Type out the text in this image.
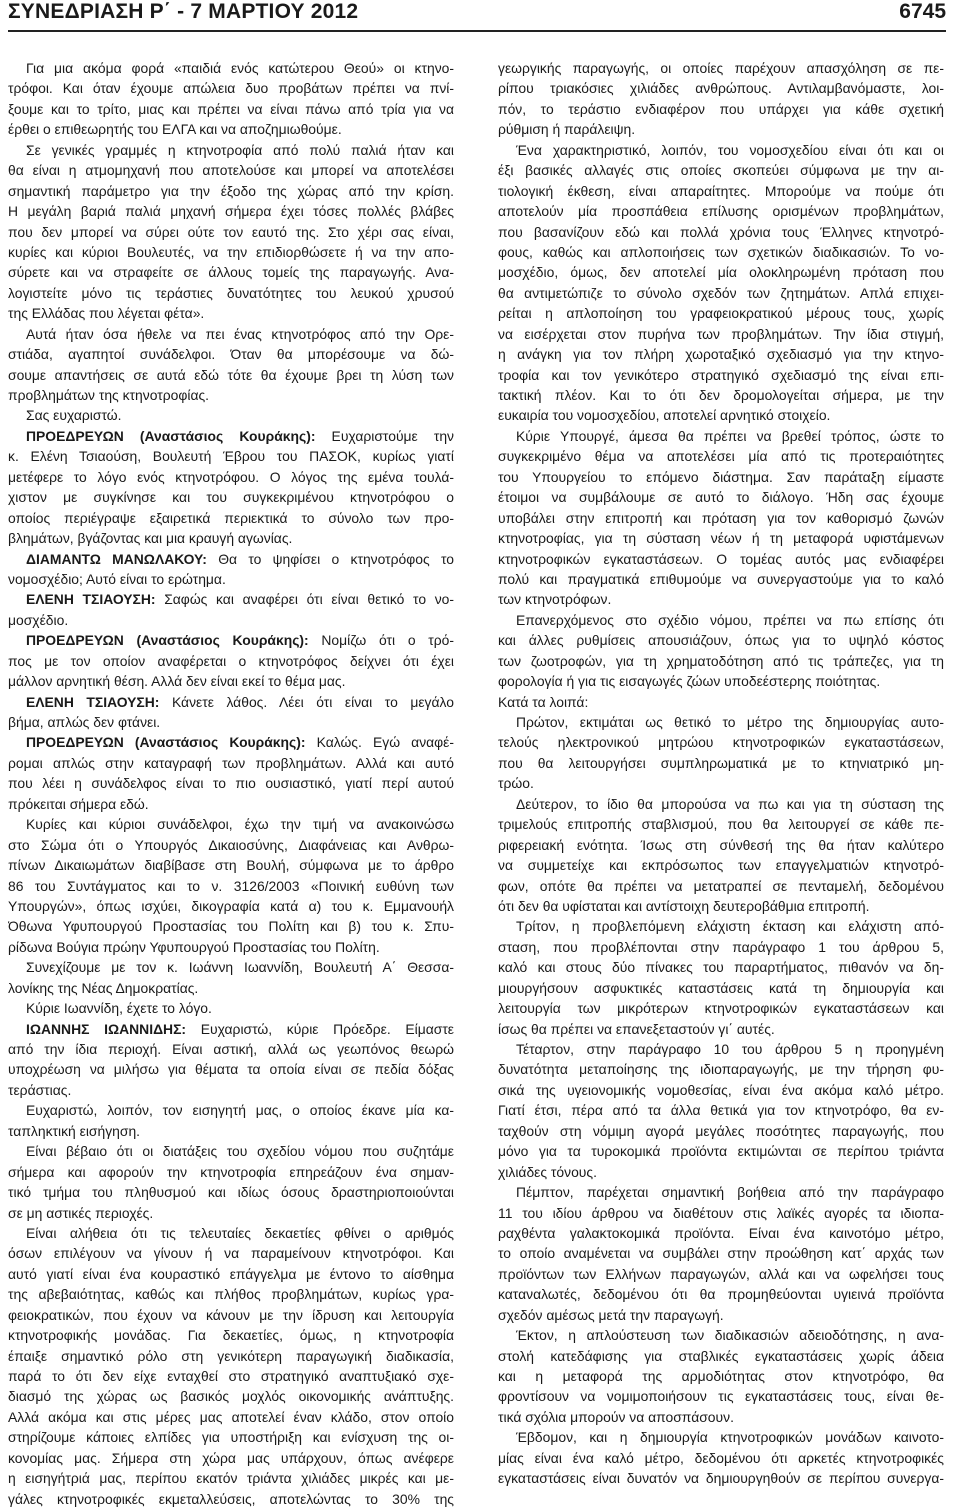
ΣΥΝΕΔΡΙΑΣΗ Ρ΄ - 7 ΜΑΡΤΙΟΥ 2012	6745
Για μια ακόμα φορά «παιδιά ενός κατώτερου Θεού» οι κτηνο-
τρόφοι. Και όταν έχουμε απώλεια δυο προβάτων πρέπει να πνί-
ξουμε και το τρίτο, μιας και πρέπει να είναι πάνω από τρία για να
έρθει ο επιθεωρητής του ΕΛΓΑ και να αποζημιωθούμε.
Σε γενικές γραμμές η κτηνοτροφία από πολύ παλιά ήταν και
θα είναι η ατμομηχανή που αποτελούσε και μπορεί να αποτελέσει
σημαντική παράμετρο για την έξοδο της χώρας από την κρίση.
Η μεγάλη βαριά παλιά μηχανή σήμερα έχει τόσες πολλές βλάβες
που δεν μπορεί να σύρει ούτε τον εαυτό της. Στο χέρι σας είναι,
κυρίες και κύριοι Βουλευτές, να την επιδιορθώσετε ή να την απο-
σύρετε και να στραφείτε σε άλλους τομείς της παραγωγής. Ανα-
λογιστείτε μόνο τις τεράστιες δυνατότητες του λευκού χρυσού
της Ελλάδας που λέγεται φέτα».
Αυτά ήταν όσα ήθελε να πει ένας κτηνοτρόφος από την Ορε-
στιάδα, αγαπητοί συνάδελφοι. Όταν θα μπορέσουμε να δώ-
σουμε απαντήσεις σε αυτά εδώ τότε θα έχουμε βρει τη λύση των
προβλημάτων της κτηνοτροφίας.
Σας ευχαριστώ.
ΠΡΟΕΔΡΕΥΩΝ (Αναστάσιος Κουράκης): Ευχαριστούμε την
κ. Ελένη Τσιαούση, Βουλευτή Έβρου του ΠΑΣΟΚ, κυρίως γιατί
μετέφερε το λόγο ενός κτηνοτρόφου. Ο λόγος της εμένα τουλά-
χιστον με συγκίνησε και του συγκεκριμένου κτηνοτρόφου ο
οποίος περιέγραψε εξαιρετικά περιεκτικά το σύνολο των προ-
βλημάτων, βγάζοντας και μια κραυγή αγωνίας.
ΔΙΑΜΑΝΤΩ ΜΑΝΩΛΑΚΟΥ: Θα το ψηφίσει ο κτηνοτρόφος το
νομοσχέδιο; Αυτό είναι το ερώτημα.
ΕΛΕΝΗ ΤΣΙΑΟΥΣΗ: Σαφώς και αναφέρει ότι είναι θετικό το νο-
μοσχέδιο.
ΠΡΟΕΔΡΕΥΩΝ (Αναστάσιος Κουράκης): Νομίζω ότι ο τρό-
πος με τον οποίον αναφέρεται ο κτηνοτρόφος δείχνει ότι έχει
μάλλον αρνητική θέση. Αλλά δεν είναι εκεί το θέμα μας.
ΕΛΕΝΗ ΤΣΙΑΟΥΣΗ: Κάνετε λάθος. Λέει ότι είναι το μεγάλο
βήμα, απλώς δεν φτάνει.
ΠΡΟΕΔΡΕΥΩΝ (Αναστάσιος Κουράκης): Καλώς. Εγώ αναφέ-
ρομαι απλώς στην καταγραφή των προβλημάτων. Αλλά και αυτό
που λέει η συνάδελφος είναι το πιο ουσιαστικό, γιατί περί αυτού
πρόκειται σήμερα εδώ.
Κυρίες και κύριοι συνάδελφοι, έχω την τιμή να ανακοινώσω
στο Σώμα ότι ο Υπουργός Δικαιοσύνης, Διαφάνειας και Ανθρω-
πίνων Δικαιωμάτων διαβίβασε στη Βουλή, σύμφωνα με το άρθρο
86 του Συντάγματος και το ν. 3126/2003 «Ποινική ευθύνη των
Υπουργών», όπως ισχύει, δικογραφία κατά α) του κ. Εμμανουήλ
Όθωνα Υφυπουργού Προστασίας του Πολίτη και β) του κ. Σπυ-
ρίδωνα Βούγια πρώην Υφυπουργού Προστασίας του Πολίτη.
Συνεχίζουμε με τον κ. Ιωάννη Ιωαννίδη, Βουλευτή Α΄ Θεσσα-
λονίκης της Νέας Δημοκρατίας.
Κύριε Ιωαννίδη, έχετε το λόγο.
ΙΩΑΝΝΗΣ ΙΩΑΝΝΙΔΗΣ: Ευχαριστώ, κύριε Πρόεδρε. Είμαστε
από την ίδια περιοχή. Είναι αστική, αλλά ως γεωπόνος θεωρώ
υποχρέωση να μιλήσω για θέματα τα οποία είναι σε πεδία δόξας
τεράστιας.
Ευχαριστώ, λοιπόν, τον εισηγητή μας, ο οποίος έκανε μία κα-
ταπληκτική εισήγηση.
Είναι βέβαιο ότι οι διατάξεις του σχεδίου νόμου που συζητάμε
σήμερα και αφορούν την κτηνοτροφία επηρεάζουν ένα σημαν-
τικό τμήμα του πληθυσμού και ιδίως όσους δραστηριοποιούνται
σε μη αστικές περιοχές.
Είναι αλήθεια ότι τις τελευταίες δεκαετίες φθίνει ο αριθμός
όσων επιλέγουν να γίνουν ή να παραμείνουν κτηνοτρόφοι. Και
αυτό γιατί είναι ένα κουραστικό επάγγελμα με έντονο το αίσθημα
της αβεβαιότητας, καθώς και πλήθος προβλημάτων, κυρίως γρα-
φειοκρατικών, που έχουν να κάνουν με την ίδρυση και λειτουργία
κτηνοτροφικής μονάδας. Για δεκαετίες, όμως, η κτηνοτροφία
έπαιξε σημαντικό ρόλο στη γενικότερη παραγωγική διαδικασία,
παρά το ότι δεν είχε ενταχθεί στο στρατηγικό αναπτυξιακό σχε-
διασμό της χώρας ως βασικός μοχλός οικονομικής ανάπτυξης.
Αλλά ακόμα και στις μέρες μας αποτελεί έναν κλάδο, στον οποίο
στηρίζουμε κάποιες ελπίδες για υποστήριξη και ενίσχυση της οι-
κονομίας μας. Σήμερα στη χώρα μας υπάρχουν, όπως ανέφερε
η εισηγήτριά μας, περίπου εκατόν τριάντα χιλιάδες μικρές και με-
γάλες κτηνοτροφικές εκμεταλλεύσεις, αποτελώντας το 30% της
γεωργικής παραγωγής, οι οποίες παρέχουν απασχόληση σε πε-
ρίπου τριακόσιες χιλιάδες ανθρώπους. Αντιλαμβανόμαστε, λοι-
πόν, το τεράστιο ενδιαφέρον που υπάρχει για κάθε σχετική
ρύθμιση ή παράλειψη.
Ένα χαρακτηριστικό, λοιπόν, του νομοσχεδίου είναι ότι και οι
έξι βασικές αλλαγές στις οποίες σκοπεύει σύμφωνα με την αι-
τιολογική έκθεση, είναι απαραίτητες. Μπορούμε να πούμε ότι
αποτελούν μία προσπάθεια επίλυσης ορισμένων προβλημάτων,
που βασανίζουν εδώ και πολλά χρόνια τους Έλληνες κτηνοτρό-
φους, καθώς και απλοποιήσεις των σχετικών διαδικασιών. Το νο-
μοσχέδιο, όμως, δεν αποτελεί μία ολοκληρωμένη πρόταση που
θα αντιμετώπιζε το σύνολο σχεδόν των ζητημάτων. Απλά επιχει-
ρείται η απλοποίηση του γραφειοκρατικού μέρους τους, χωρίς
να εισέρχεται στον πυρήνα των προβλημάτων. Την ίδια στιγμή,
η ανάγκη για τον πλήρη χωροταξικό σχεδιασμό για την κτηνο-
τροφία και τον γενικότερο στρατηγικό σχεδιασμό της είναι επι-
τακτική πλέον. Και το ότι δεν δρομολογείται σήμερα, με την
ευκαιρία του νομοσχεδίου, αποτελεί αρνητικό στοιχείο.
Κύριε Υπουργέ, άμεσα θα πρέπει να βρεθεί τρόπος, ώστε το
συγκεκριμένο θέμα να αποτελέσει μία από τις προτεραιότητες
του Υπουργείου το επόμενο διάστημα. Σαν παράταξη είμαστε
έτοιμοι να συμβάλουμε σε αυτό το διάλογο. Ήδη σας έχουμε
υποβάλει στην επιτροπή και πρόταση για τον καθορισμό ζωνών
κτηνοτροφίας, για τη σύσταση νέων ή τη μεταφορά υφιστάμενων
κτηνοτροφικών εγκαταστάσεων. Ο τομέας αυτός μας ενδιαφέρει
πολύ και πραγματικά επιθυμούμε να συνεργαστούμε για το καλό
των κτηνοτρόφων.
Επανερχόμενος στο σχέδιο νόμου, πρέπει να πω επίσης ότι
και άλλες ρυθμίσεις απουσιάζουν, όπως για το υψηλό κόστος
των ζωοτροφών, για τη χρηματοδότηση από τις τράπεζες, για τη
φορολογία ή για τις εισαγωγές ζώων υποδεέστερης ποιότητας.
Κατά τα λοιπά:
Πρώτον, εκτιμάται ως θετικό το μέτρο της δημιουργίας αυτο-
τελούς ηλεκτρονικού μητρώου κτηνοτροφικών εγκαταστάσεων,
που θα λειτουργήσει συμπληρωματικά με το κτηνιατρικό μη-
τρώο.
Δεύτερον, το ίδιο θα μπορούσα να πω και για τη σύσταση της
τριμελούς επιτροπής σταβλισμού, που θα λειτουργεί σε κάθε πε-
ριφερειακή ενότητα. Ίσως στη σύνθεσή της θα ήταν καλύτερο
να συμμετείχε και εκπρόσωπος των επαγγελματιών κτηνοτρό-
φων, οπότε θα πρέπει να μετατραπεί σε πενταμελή, δεδομένου
ότι δεν θα υφίσταται και αντίστοιχη δευτεροβάθμια επιτροπή.
Τρίτον, η προβλεπόμενη ελάχιστη έκταση και ελάχιστη από-
σταση, που προβλέπονται στην παράγραφο 1 του άρθρου 5,
καλό και στους δύο πίνακες του παραρτήματος, πιθανόν να δη-
μιουργήσουν ασφυκτικές καταστάσεις κατά τη δημιουργία και
λειτουργία των μικρότερων κτηνοτροφικών εγκαταστάσεων και
ίσως θα πρέπει να επανεξεταστούν γι΄ αυτές.
Τέταρτον, στην παράγραφο 10 του άρθρου 5 η προηγμένη
δυνατότητα μεταποίησης της ιδιοπαραγωγής, με την τήρηση φυ-
σικά της υγειονομικής νομοθεσίας, είναι ένα ακόμα καλό μέτρο.
Γιατί έτσι, πέρα από τα άλλα θετικά για τον κτηνοτρόφο, θα εν-
ταχθούν στη νόμιμη αγορά μεγάλες ποσότητες παραγωγής, που
μόνο για τα τυροκομικά προϊόντα εκτιμώνται σε περίπου τριάντα
χιλιάδες τόνους.
Πέμπτον, παρέχεται σημαντική βοήθεια από την παράγραφο
11 του ιδίου άρθρου να διαθέτουν στις λαϊκές αγορές τα ιδιοπα-
ραχθέντα γαλακτοκομικά προϊόντα. Είναι ένα καινοτόμο μέτρο,
το οποίο αναμένεται να συμβάλει στην προώθηση κατ΄ αρχάς των
προϊόντων των Ελλήνων παραγωγών, αλλά και να ωφελήσει τους
καταναλωτές, δεδομένου ότι θα προμηθεύονται υγιεινά προϊόντα
σχεδόν αμέσως μετά την παραγωγή.
Έκτον, η απλούστευση των διαδικασιών αδειοδότησης, η ανα-
στολή κατεδάφισης για σταβλικές εγκαταστάσεις χωρίς άδεια
και η μεταφορά της αρμοδιότητας στον κτηνοτρόφο, θα
φροντίσουν να νομιμοποιήσουν τις εγκαταστάσεις τους, είναι θε-
τικά σχόλια μπορούν να αποσπάσουν.
Έβδομον, και η δημιουργία κτηνοτροφικών μονάδων καινοτο-
μίας είναι ένα καλό μέτρο, δεδομένου ότι αρκετές κτηνοτροφικές
εγκαταστάσεις είναι δυνατόν να δημιουργηθούν σε περίπου συνεργα-
